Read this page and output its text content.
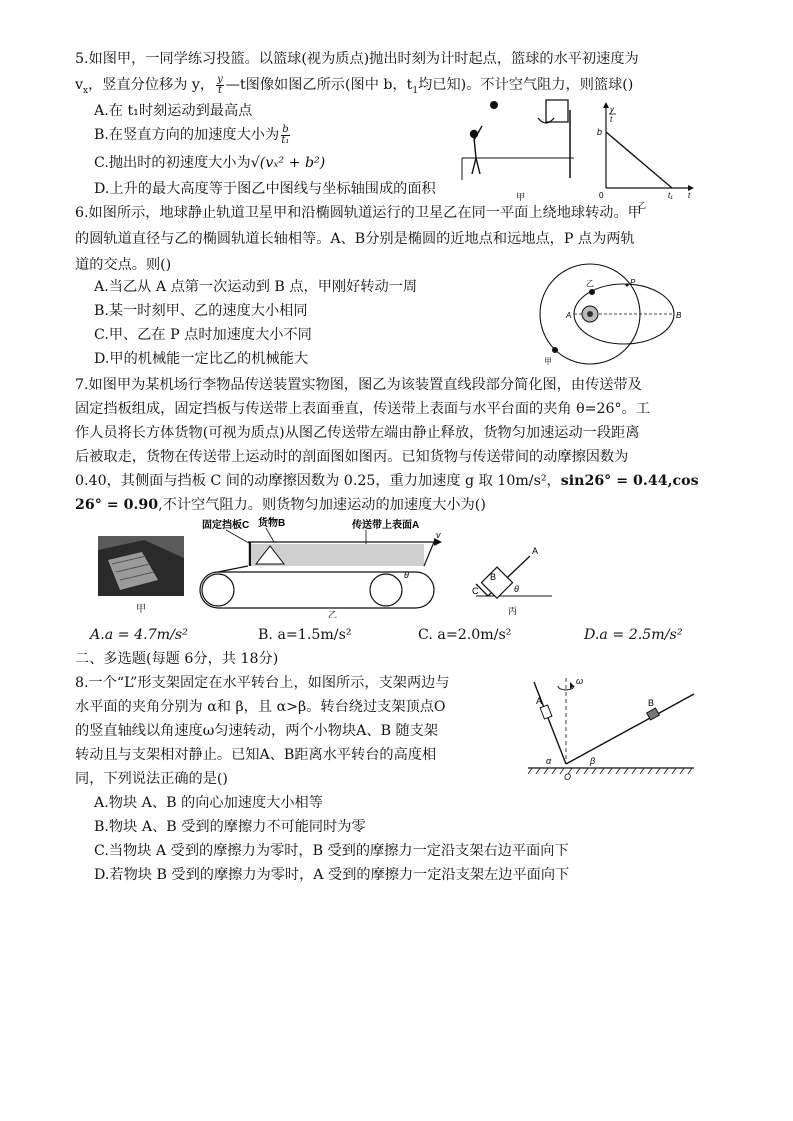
5.如图甲，一同学练习投篮。以篮球(视为质点)抛出时刻为计时起点，篮球的水平初速度为
$v_x$，竖直分位移为 y， $\frac{y}{t}$ —t图像如图乙所示(图中 b，$t_1$均已知)。不计空气阻力，则篮球()
A.在 t₁时刻运动到最高点
B.在竖直方向的加速度大小为 $\frac{b}{\text{t₁}}$
C.抛出时的初速度大小为√(vₓ² + b²)
D.上升的最大高度等于图乙中图线与坐标轴围成的面积	甲
y
t
b
0	t₁ t
乙
6.如图所示，地球静止轨道卫星甲和沿椭圆轨道运行的卫星乙在同一平面上绕地球转动。甲
的圆轨道直径与乙的椭圆轨道长轴相等。A、B分别是椭圆的近地点和远地点，P 点为两轨
道的交点。则()
A.当乙从 A 点第一次运动到 B 点，甲刚好转动一周
B.某一时刻甲、乙的速度大小相同
C.甲、乙在 P 点时加速度大小不同
D.甲的机械能一定比乙的机械能大
乙	P
A	B
甲
7.如图甲为某机场行李物品传送装置实物图，图乙为该装置直线段部分简化图，由传送带及
固定挡板组成，固定挡板与传送带上表面垂直，传送带上表面与水平台面的夹角 θ=26°。工
作人员将长方体货物(可视为质点)从图乙传送带左端由静止释放，货物匀加速运动一段距离
后被取走，货物在传送带上运动时的剖面图如图丙。已知货物与传送带间的动摩擦因数为
0.40，其侧面与挡板 C 间的动摩擦因数为 0.25，重力加速度 g 取 10m/s²，sin26° = 0.44,cos
26° = 0.90,不计空气阻力。则货物匀加速运动的加速度大小为()
甲
固定挡板C 货物B	传送带上表面A
v
θ
乙
A
B
C	θ
丙
A.a = 4.7m/s²	B. a=1.5m/s²	C. a=2.0m/s²	D.a = 2.5m/s²
二、多选题(每题 6分，共 18分)
8.一个“L”形支架固定在水平转台上，如图所示，支架两边与
水平面的夹角分别为 α和 β，且 α>β。转台绕过支架顶点O
的竖直轴线以角速度ω匀速转动，两个小物块A、B 随支架
转动且与支架相对静止。已知A、B距离水平转台的高度相
同，下列说法正确的是()
A.物块 A、B 的向心加速度大小相等
B.物块 A、B 受到的摩擦力不可能同时为零
C.当物块 A 受到的摩擦力为零时，B 受到的摩擦力一定沿支架右边平面向下
D.若物块 B 受到的摩擦力为零时，A 受到的摩擦力一定沿支架左边平面向下
ω
A	B
α	β
O
